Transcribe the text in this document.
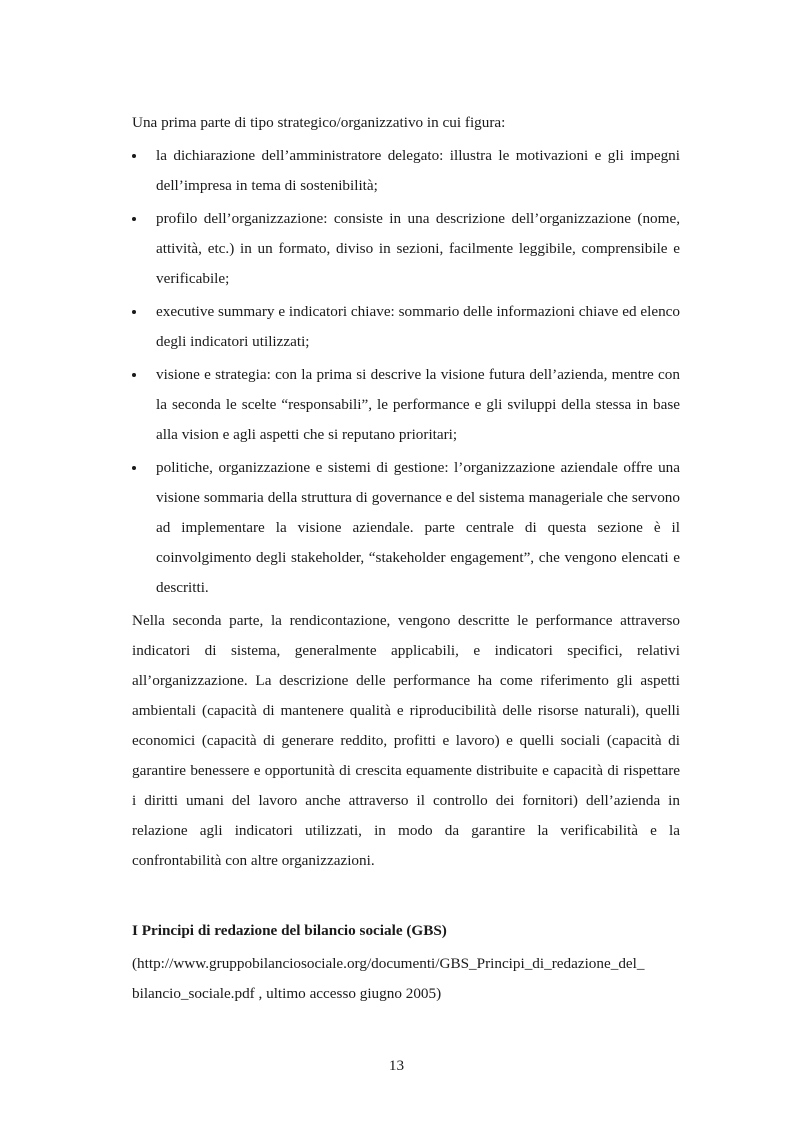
Una prima parte di tipo strategico/organizzativo in cui figura:

la dichiarazione dell’amministratore delegato: illustra le motivazioni e gli impegni dell’impresa in tema di sostenibilità;
profilo dell’organizzazione: consiste in una descrizione dell’organizzazione (nome, attività, etc.) in un formato, diviso in sezioni, facilmente leggibile, comprensibile e verificabile;
executive summary e indicatori chiave: sommario delle informazioni chiave ed elenco degli indicatori utilizzati;
visione e strategia: con la prima si descrive la visione futura dell’azienda, mentre con la seconda le scelte “responsabili”, le performance e gli sviluppi della stessa in base alla vision e agli aspetti che si reputano prioritari;
politiche, organizzazione e sistemi di gestione: l’organizzazione aziendale offre una visione sommaria della struttura di governance e del sistema manageriale che servono ad implementare la visione aziendale. parte centrale di questa sezione è il coinvolgimento degli stakeholder, “stakeholder engagement”, che vengono elencati e descritti.

Nella seconda parte, la rendicontazione, vengono descritte le performance attraverso indicatori di sistema, generalmente applicabili, e indicatori specifici, relativi all’organizzazione. La descrizione delle performance ha come riferimento gli aspetti ambientali (capacità di mantenere qualità e riproducibilità delle risorse naturali), quelli economici (capacità di generare reddito, profitti e lavoro) e quelli sociali (capacità di garantire benessere e opportunità di crescita equamente distribuite e capacità di rispettare i diritti umani del lavoro anche attraverso il controllo dei fornitori) dell’azienda in relazione agli indicatori utilizzati, in modo da garantire la verificabilità e la confrontabilità con altre organizzazioni.

I Principi di redazione del bilancio sociale (GBS)

(http://www.gruppobilanciosociale.org/documenti/GBS_Principi_di_redazione_del_
bilancio_sociale.pdf , ultimo accesso giugno 2005)

13
